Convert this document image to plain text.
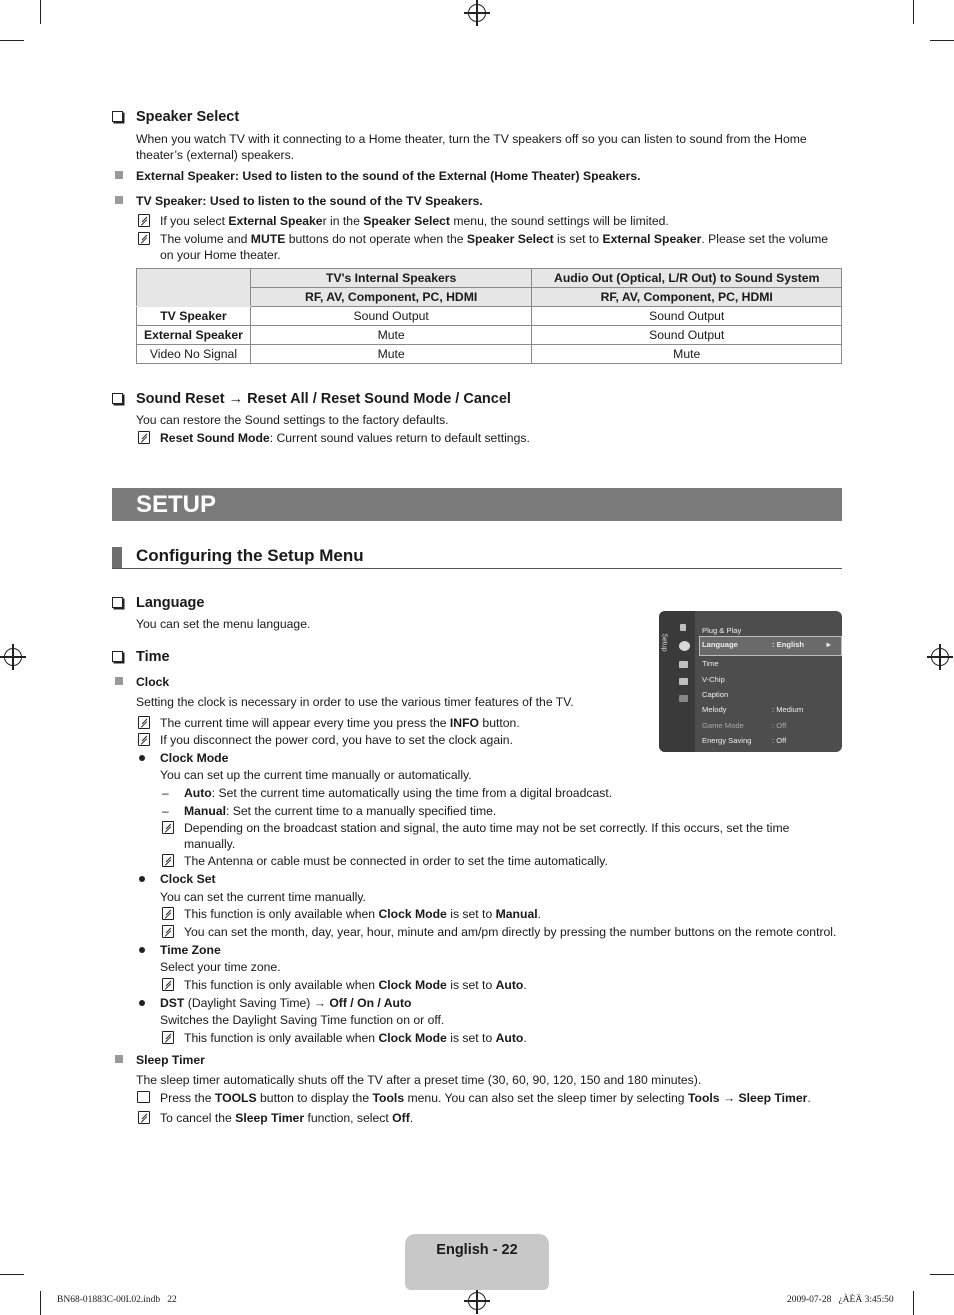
Speaker Select
When you watch TV with it connecting to a Home theater, turn the TV speakers off so you can listen to sound from the Home theater’s (external) speakers.
External Speaker: Used to listen to the sound of the External (Home Theater) Speakers.
TV Speaker: Used to listen to the sound of the TV Speakers.
If you select External Speaker in the Speaker Select menu, the sound settings will be limited.
The volume and MUTE buttons do not operate when the Speaker Select is set to External Speaker. Please set the volume on your Home theater.
	TV's Internal Speakers	Audio Out (Optical, L/R Out) to Sound System
	RF, AV, Component, PC, HDMI	RF, AV, Component, PC, HDMI
TV Speaker	Sound Output	Sound Output
External Speaker	Mute	Sound Output
Video No Signal	Mute	Mute
Sound Reset → Reset All / Reset Sound Mode / Cancel
You can restore the Sound settings to the factory defaults.
Reset Sound Mode: Current sound values return to default settings.
SETUP
Configuring the Setup Menu
Language
You can set the menu language.
Setup
Plug & Play
Language	: English	►
Time
V-Chip
Caption
Melody	: Medium
Game Mode	: Off
Energy Saving	: Off
Time
Clock
Setting the clock is necessary in order to use the various timer features of the TV.
The current time will appear every time you press the INFO button.
If you disconnect the power cord, you have to set the clock again.
Clock Mode
You can set up the current time manually or automatically.
– Auto: Set the current time automatically using the time from a digital broadcast.
– Manual: Set the current time to a manually specified time.
Depending on the broadcast station and signal, the auto time may not be set correctly. If this occurs, set the time manually.
The Antenna or cable must be connected in order to set the time automatically.
Clock Set
You can set the current time manually.
This function is only available when Clock Mode is set to Manual.
You can set the month, day, year, hour, minute and am/pm directly by pressing the number buttons on the remote control.
Time Zone
Select your time zone.
This function is only available when Clock Mode is set to Auto.
DST (Daylight Saving Time) → Off / On / Auto
Switches the Daylight Saving Time function on or off.
This function is only available when Clock Mode is set to Auto.
Sleep Timer
The sleep timer automatically shuts off the TV after a preset time (30, 60, 90, 120, 150 and 180 minutes).
Press the TOOLS button to display the Tools menu. You can also set the sleep timer by selecting Tools → Sleep Timer.
To cancel the Sleep Timer function, select Off.
English - 22
BN68-01883C-00L02.indb   22	2009-07-28   ¿ÀÈÄ 3:45:50
